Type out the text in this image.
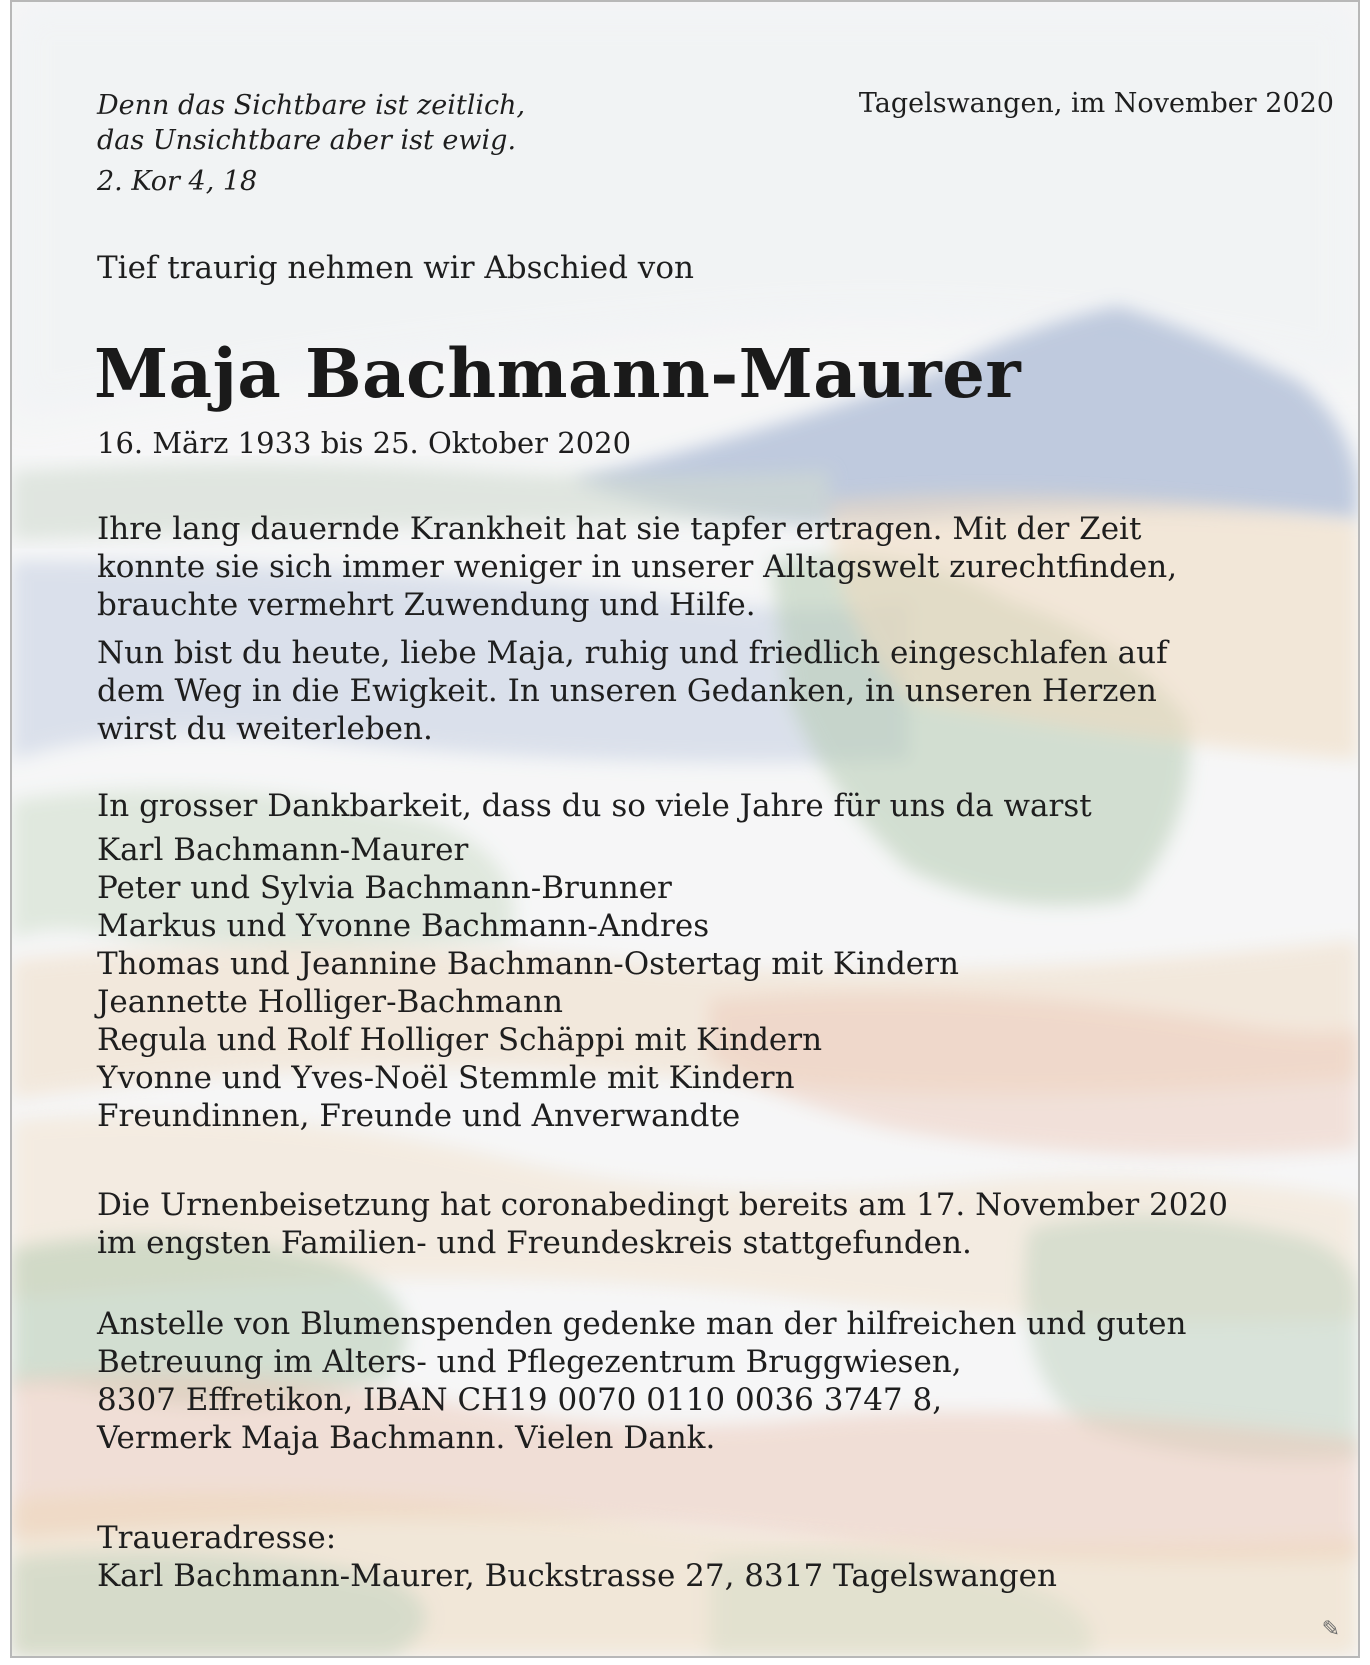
Denn das Sichtbare ist zeitlich,

das Unsichtbare aber ist ewig.

2. Kor 4, 18

Tagelswangen, im November 2020

Tief traurig nehmen wir Abschied von

Maja Bachmann-Maurer

16. März 1933 bis 25. Oktober 2020

Ihre lang dauernde Krankheit hat sie tapfer ertragen. Mit der Zeit

konnte sie sich immer weniger in unserer Alltagswelt zurechtfinden,

brauchte vermehrt Zuwendung und Hilfe.

Nun bist du heute, liebe Maja, ruhig und friedlich eingeschlafen auf

dem Weg in die Ewigkeit. In unseren Gedanken, in unseren Herzen

wirst du weiterleben.

In grosser Dankbarkeit, dass du so viele Jahre für uns da warst

Karl Bachmann-Maurer

Peter und Sylvia Bachmann-Brunner

Markus und Yvonne Bachmann-Andres

Thomas und Jeannine Bachmann-Ostertag mit Kindern

Jeannette Holliger-Bachmann

Regula und Rolf Holliger Schäppi mit Kindern

Yvonne und Yves-Noël Stemmle mit Kindern

Freundinnen, Freunde und Anverwandte

Die Urnenbeisetzung hat coronabedingt bereits am 17. November 2020

im engsten Familien- und Freundeskreis stattgefunden.

Anstelle von Blumenspenden gedenke man der hilfreichen und guten

Betreuung im Alters- und Pflegezentrum Bruggwiesen,

8307 Effretikon, IBAN CH19 0070 0110 0036 3747 8,

Vermerk Maja Bachmann. Vielen Dank.

Traueradresse:

Karl Bachmann-Maurer, Buckstrasse 27, 8317 Tagelswangen

✎
